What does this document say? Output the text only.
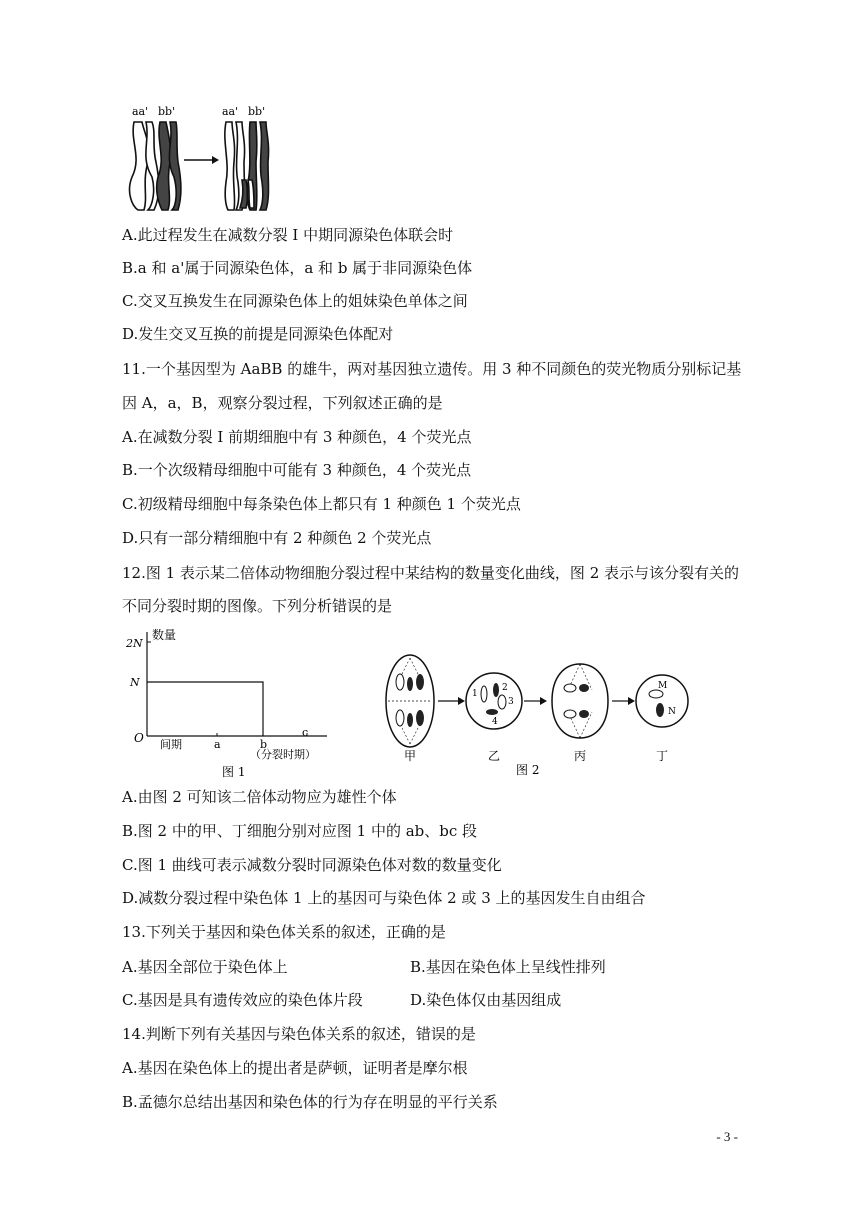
aa' bb'	aa' bb'
A.此过程发生在减数分裂 I 中期同源染色体联会时
B.a 和 a'属于同源染色体，a 和 b 属于非同源染色体
C.交叉互换发生在同源染色体上的姐妹染色单体之间
D.发生交叉互换的前提是同源染色体配对
11.一个基因型为 AaBB 的雄牛，两对基因独立遗传。用 3 种不同颜色的荧光物质分别标记基
因 A，a，B，观察分裂过程，下列叙述正确的是
A.在减数分裂 I 前期细胞中有 3 种颜色，4 个荧光点
B.一个次级精母细胞中可能有 3 种颜色，4 个荧光点
C.初级精母细胞中每条染色体上都只有 1 种颜色 1 个荧光点
D.只有一部分精细胞中有 2 种颜色 2 个荧光点
12.图 1 表示某二倍体动物细胞分裂过程中某结构的数量变化曲线，图 2 表示与该分裂有关的
不同分裂时期的图像。下列分析错误的是
数量
2N
N
O 间期	a	b
c
（分裂时期）
图 1
1
2
3
4
M
N
甲	乙	丙	丁
图 2
A.由图 2 可知该二倍体动物应为雄性个体
B.图 2 中的甲、丁细胞分别对应图 1 中的 ab、bc 段
C.图 1 曲线可表示减数分裂时同源染色体对数的数量变化
D.减数分裂过程中染色体 1 上的基因可与染色体 2 或 3 上的基因发生自由组合
13.下列关于基因和染色体关系的叙述，正确的是
A.基因全部位于染色体上	B.基因在染色体上呈线性排列
C.基因是具有遗传效应的染色体片段	D.染色体仅由基因组成
14.判断下列有关基因与染色体关系的叙述，错误的是
A.基因在染色体上的提出者是萨顿，证明者是摩尔根
B.孟德尔总结出基因和染色体的行为存在明显的平行关系
- 3 -
